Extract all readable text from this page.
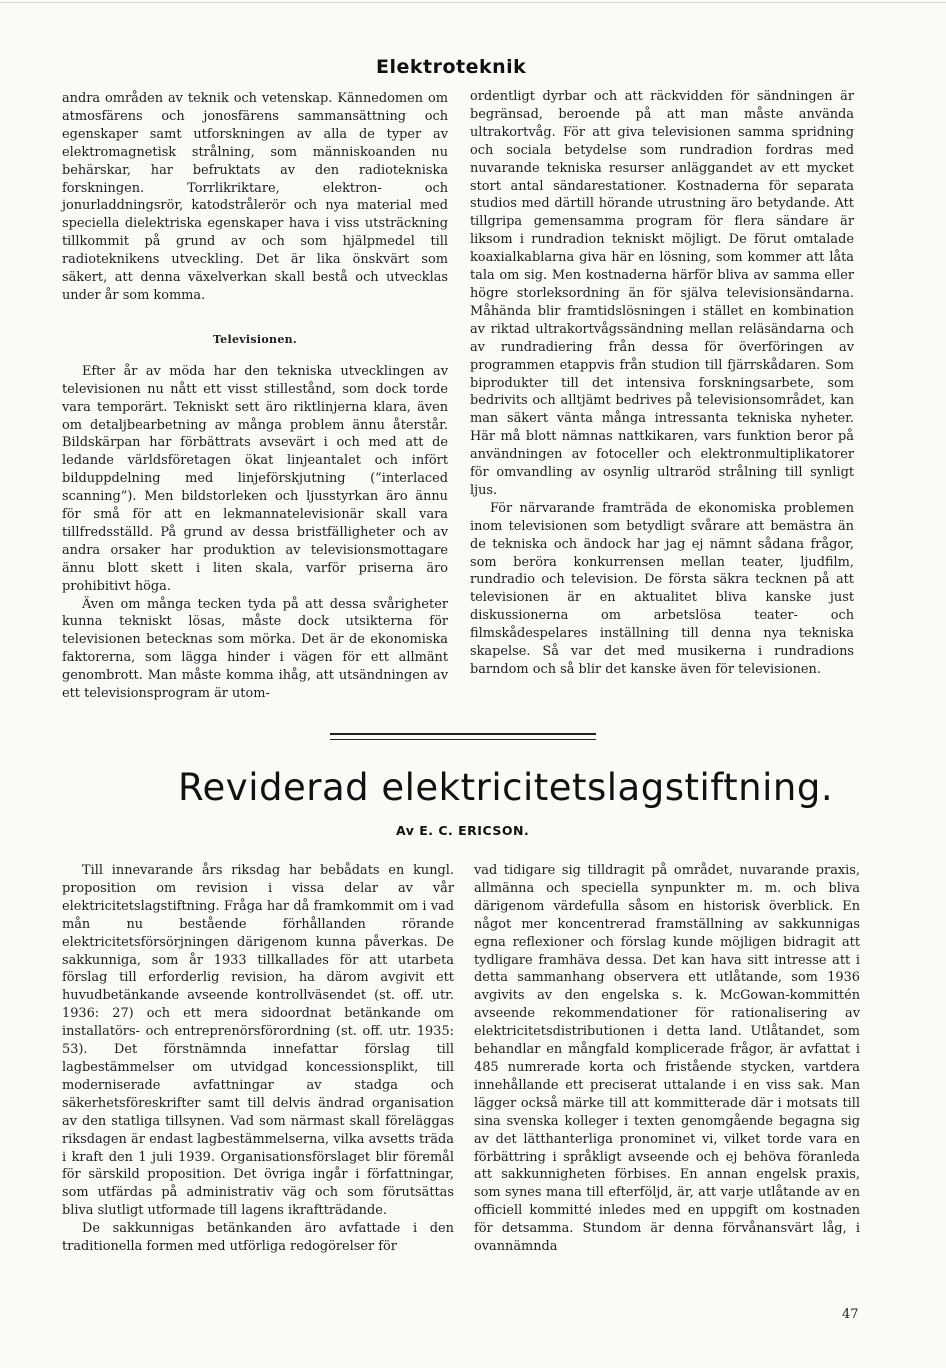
Elektroteknik

andra områden av teknik och vetenskap. Kännedomen om atmosfärens och jonosfärens sammansättning och egenskaper samt utforskningen av alla de typer av elektromagnetisk strålning, som människoanden nu behärskar, har befruktats av den radiotekniska forskningen. Torrlikriktare, elektron- och jonurladdningsrör, katodstrålerör och nya material med speciella dielektriska egenskaper hava i viss utsträckning tillkommit på grund av och som hjälpmedel till radioteknikens utveckling. Det är lika önskvärt som säkert, att denna växelverkan skall bestå och utvecklas under år som komma.

Televisionen.

Efter år av möda har den tekniska utvecklingen av televisionen nu nått ett visst stillestånd, som dock torde vara temporärt. Tekniskt sett äro riktlinjerna klara, även om detaljbearbetning av många problem ännu återstår. Bildskärpan har förbättrats avsevärt i och med att de ledande världsföretagen ökat linjeantalet och infört bilduppdelning med linjeförskjutning (”interlaced scanning”). Men bildstorleken och ljusstyrkan äro ännu för små för att en lekmannatelevisionär skall vara tillfredsställd. På grund av dessa bristfälligheter och av andra orsaker har produktion av televisionsmottagare ännu blott skett i liten skala, varför priserna äro prohibitivt höga.

Även om många tecken tyda på att dessa svårigheter kunna tekniskt lösas, måste dock utsikterna för televisionen betecknas som mörka. Det är de ekonomiska faktorerna, som lägga hinder i vägen för ett allmänt genombrott. Man måste komma ihåg, att utsändningen av ett televisionsprogram är utom-

ordentligt dyrbar och att räckvidden för sändningen är begränsad, beroende på att man måste använda ultrakortvåg. För att giva televisionen samma spridning och sociala betydelse som rundradion fordras med nuvarande tekniska resurser anläggandet av ett mycket stort antal sändarestationer. Kostnaderna för separata studios med därtill hörande utrustning äro betydande. Att tillgripa gemensamma program för flera sändare är liksom i rundradion tekniskt möjligt. De förut omtalade koaxialkablarna giva här en lösning, som kommer att låta tala om sig. Men kostnaderna härför bliva av samma eller högre storleksordning än för själva televisionsändarna. Måhända blir framtidslösningen i stället en kombination av riktad ultrakortvågssändning mellan reläsändarna och av rundradiering från dessa för överföringen av programmen etappvis från studion till fjärrskådaren. Som biprodukter till det intensiva forskningsarbete, som bedrivits och alltjämt bedrives på televisionsområdet, kan man säkert vänta många intressanta tekniska nyheter. Här må blott nämnas nattkikaren, vars funktion beror på användningen av fotoceller och elektronmultiplikatorer för omvandling av osynlig ultraröd strålning till synligt ljus.

För närvarande framträda de ekonomiska problemen inom televisionen som betydligt svårare att bemästra än de tekniska och ändock har jag ej nämnt sådana frågor, som beröra konkurrensen mellan teater, ljudfilm, rundradio och television. De första säkra tecknen på att televisionen är en aktualitet bliva kanske just diskussionerna om arbetslösa teater- och filmskådespelares inställning till denna nya tekniska skapelse. Så var det med musikerna i rundradions barndom och så blir det kanske även för televisionen.

Reviderad elektricitetslagstiftning.
Av E. C. ERICSON.

Till innevarande års riksdag har bebådats en kungl. proposition om revision i vissa delar av vår elektricitetslagstiftning. Fråga har då framkommit om i vad mån nu bestående förhållanden rörande elektricitetsförsörjningen därigenom kunna påverkas. De sakkunniga, som år 1933 tillkallades för att utarbeta förslag till erforderlig revision, ha därom avgivit ett huvudbetänkande avseende kontrollväsendet (st. off. utr. 1936: 27) och ett mera sidoordnat betänkande om installatörs- och entreprenörsförordning (st. off. utr. 1935: 53). Det förstnämnda innefattar förslag till lagbestämmelser om utvidgad koncessionsplikt, till moderniserade avfattningar av stadga och säkerhetsföreskrifter samt till delvis ändrad organisation av den statliga tillsynen. Vad som närmast skall föreläggas riksdagen är endast lagbestämmelserna, vilka avsetts träda i kraft den 1 juli 1939. Organisationsförslaget blir föremål för särskild proposition. Det övriga ingår i författningar, som utfärdas på administrativ väg och som förutsättas bliva slutligt utformade till lagens ikraftträdande.

De sakkunnigas betänkanden äro avfattade i den traditionella formen med utförliga redogörelser för

vad tidigare sig tilldragit på området, nuvarande praxis, allmänna och speciella synpunkter m. m. och bliva därigenom värdefulla såsom en historisk överblick. En något mer koncentrerad framställning av sakkunnigas egna reflexioner och förslag kunde möjligen bidragit att tydligare framhäva dessa. Det kan hava sitt intresse att i detta sammanhang observera ett utlåtande, som 1936 avgivits av den engelska s. k. McGowan-kommittén avseende rekommendationer för rationalisering av elektricitetsdistributionen i detta land. Utlåtandet, som behandlar en mångfald komplicerade frågor, är avfattat i 485 numrerade korta och fristående stycken, vartdera innehållande ett preciserat uttalande i en viss sak. Man lägger också märke till att kommitterade där i motsats till sina svenska kolleger i texten genomgående begagna sig av det lätthanterliga pronominet vi, vilket torde vara en förbättring i språkligt avseende och ej behöva föranleda att sakkunnigheten förbises. En annan engelsk praxis, som synes mana till efterföljd, är, att varje utlåtande av en officiell kommitté inledes med en uppgift om kostnaden för detsamma. Stundom är denna förvånansvärt låg, i ovannämnda

47
